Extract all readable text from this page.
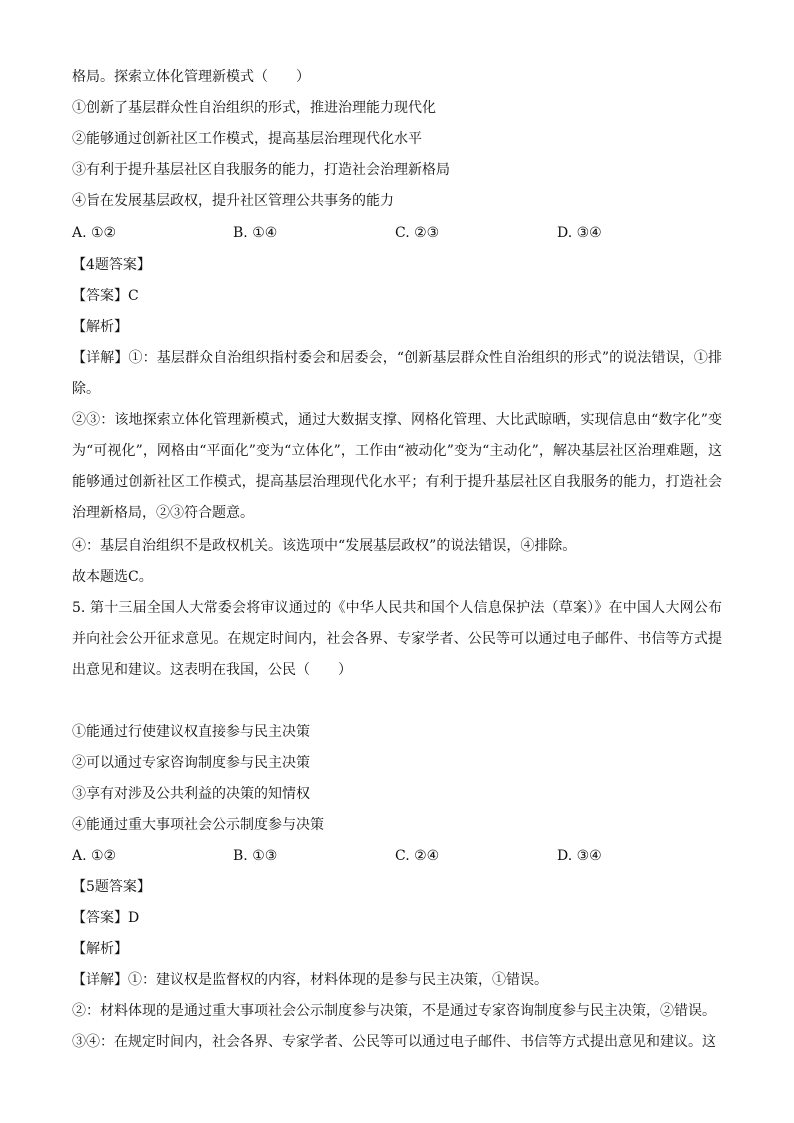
格局。探索立体化管理新模式（　　）
①创新了基层群众性自治组织的形式，推进治理能力现代化
②能够通过创新社区工作模式，提高基层治理现代化水平
③有利于提升基层社区自我服务的能力，打造社会治理新格局
④旨在发展基层政权，提升社区管理公共事务的能力
A. ①②	B. ①④	C. ②③	D. ③④
【4题答案】
【答案】C
【解析】
【详解】①：基层群众自治组织指村委会和居委会，“创新基层群众性自治组织的形式”的说法错误，①排除。
②③：该地探索立体化管理新模式，通过大数据支撑、网格化管理、大比武晾晒，实现信息由“数字化”变为“可视化”，网格由“平面化”变为“立体化”，工作由“被动化”变为“主动化”，解决基层社区治理难题，这能够通过创新社区工作模式，提高基层治理现代化水平；有利于提升基层社区自我服务的能力，打造社会治理新格局，②③符合题意。
④：基层自治组织不是政权机关。该选项中“发展基层政权”的说法错误，④排除。
故本题选C。
5. 第十三届全国人大常委会将审议通过的《中华人民共和国个人信息保护法（草案）》在中国人大网公布并向社会公开征求意见。在规定时间内，社会各界、专家学者、公民等可以通过电子邮件、书信等方式提出意见和建议。这表明在我国，公民（　　）
①能通过行使建议权直接参与民主决策
②可以通过专家咨询制度参与民主决策
③享有对涉及公共利益的决策的知情权
④能通过重大事项社会公示制度参与决策
A. ①②	B. ①③	C. ②④	D. ③④
【5题答案】
【答案】D
【解析】
【详解】①：建议权是监督权的内容，材料体现的是参与民主决策，①错误。
②：材料体现的是通过重大事项社会公示制度参与决策，不是通过专家咨询制度参与民主决策，②错误。
③④：在规定时间内，社会各界、专家学者、公民等可以通过电子邮件、书信等方式提出意见和建议。这
